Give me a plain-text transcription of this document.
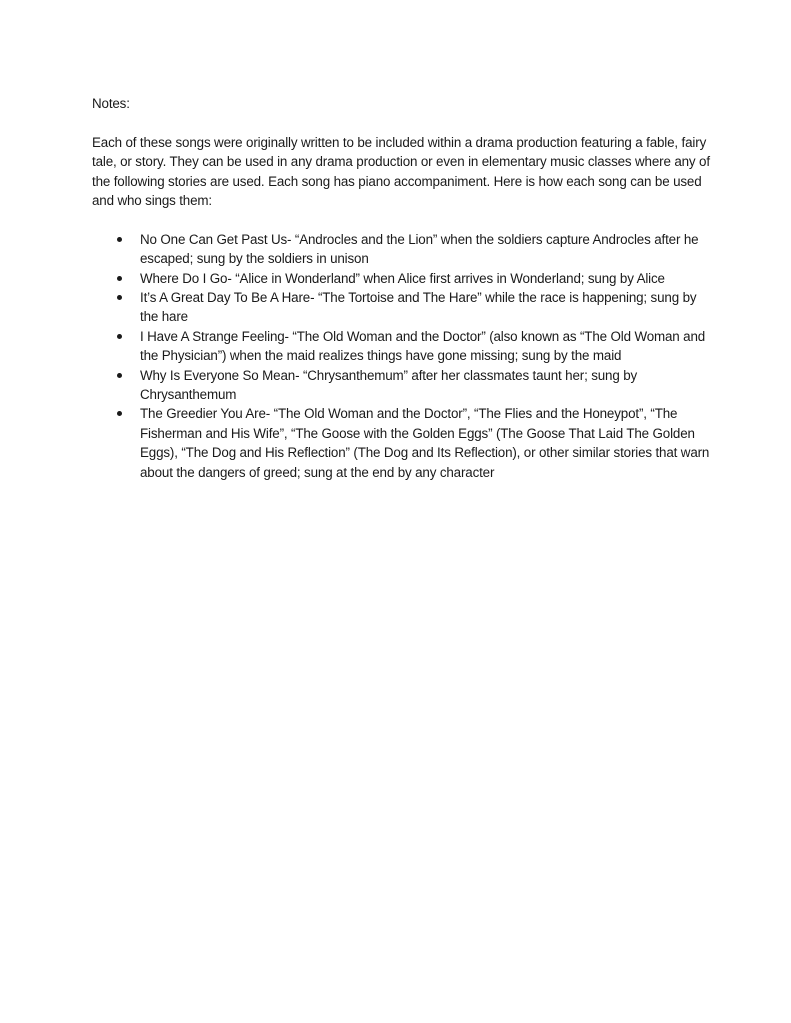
Notes:

Each of these songs were originally written to be included within a drama production featuring a fable, fairy tale, or story. They can be used in any drama production or even in elementary music classes where any of the following stories are used. Each song has piano accompaniment. Here is how each song can be used and who sings them:

No One Can Get Past Us- “Androcles and the Lion” when the soldiers capture Androcles after he escaped; sung by the soldiers in unison
Where Do I Go- “Alice in Wonderland” when Alice first arrives in Wonderland; sung by Alice
It’s A Great Day To Be A Hare- “The Tortoise and The Hare” while the race is happening; sung by the hare
I Have A Strange Feeling- “The Old Woman and the Doctor” (also known as “The Old Woman and the Physician”) when the maid realizes things have gone missing; sung by the maid
Why Is Everyone So Mean- “Chrysanthemum” after her classmates taunt her; sung by Chrysanthemum
The Greedier You Are- “The Old Woman and the Doctor”, “The Flies and the Honeypot”, “The Fisherman and His Wife”, “The Goose with the Golden Eggs” (The Goose That Laid The Golden Eggs), “The Dog and His Reflection” (The Dog and Its Reflection), or other similar stories that warn about the dangers of greed; sung at the end by any character
